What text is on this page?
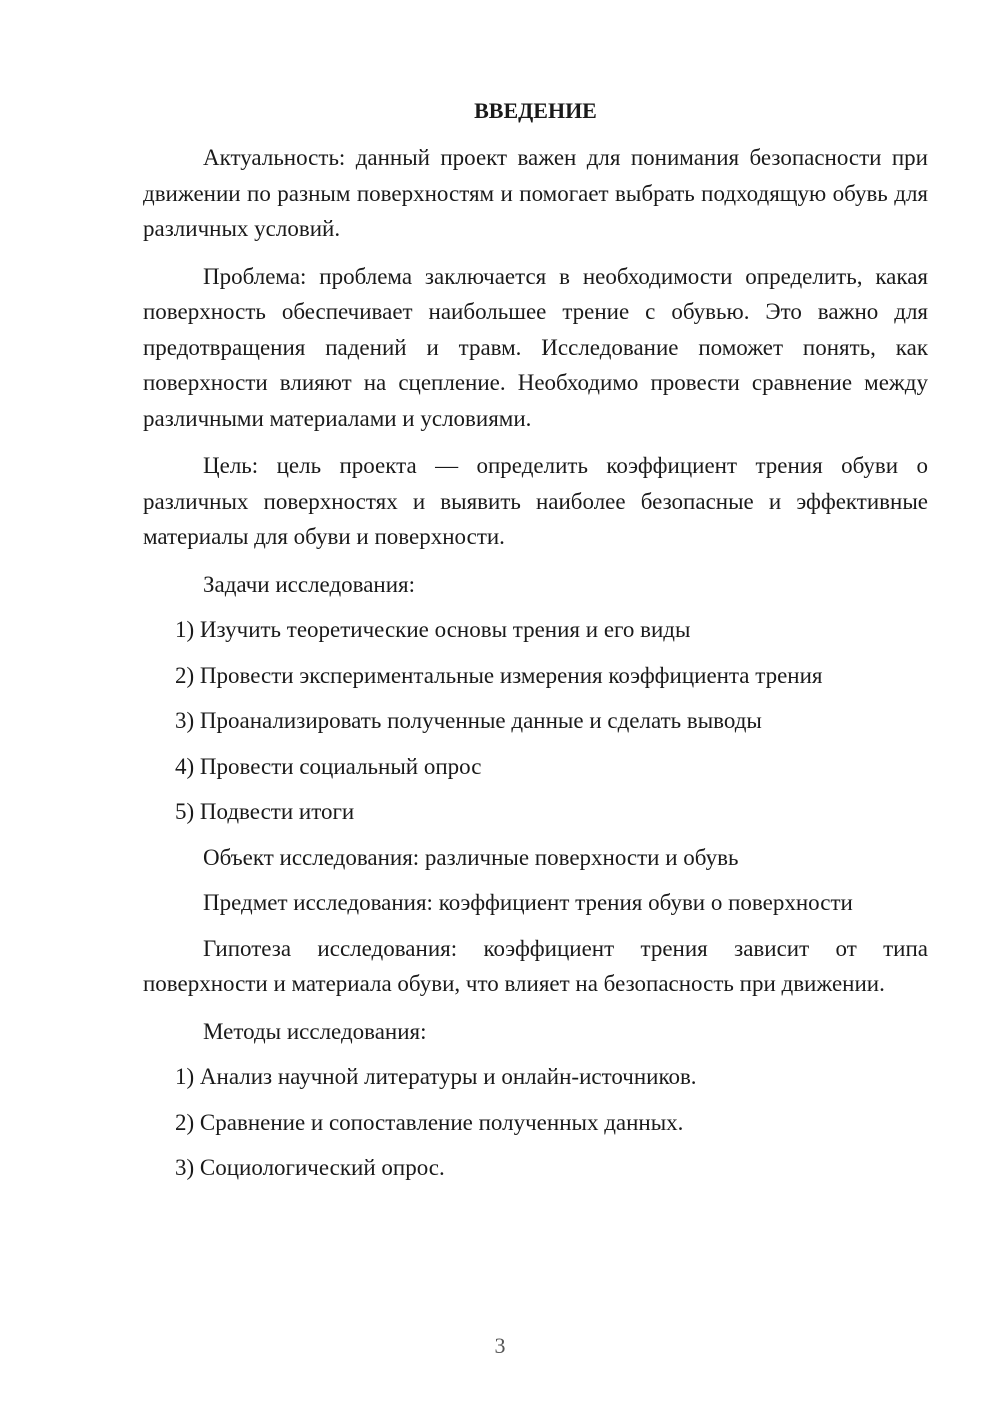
ВВЕДЕНИЕ
Актуальность: данный проект важен для понимания безопасности при движении по разным поверхностям и помогает выбрать подходящую обувь для различных условий.
Проблема: проблема заключается в необходимости определить, какая поверхность обеспечивает наибольшее трение с обувью. Это важно для предотвращения падений и травм. Исследование поможет понять, как поверхности влияют на сцепление. Необходимо провести сравнение между различными материалами и условиями.
Цель: цель проекта — определить коэффициент трения обуви о различных поверхностях и выявить наиболее безопасные и эффективные материалы для обуви и поверхности.
Задачи исследования:
1) Изучить теоретические основы трения и его виды
2) Провести экспериментальные измерения коэффициента трения
3) Проанализировать полученные данные и сделать выводы
4) Провести социальный опрос
5) Подвести итоги
Объект исследования: различные поверхности и обувь
Предмет исследования: коэффициент трения обуви о поверхности
Гипотеза исследования: коэффициент трения зависит от типа поверхности и материала обуви, что влияет на безопасность при движении.
Методы исследования:
1) Анализ научной литературы и онлайн-источников.
2) Сравнение и сопоставление полученных данных.
3) Социологический опрос.
3
